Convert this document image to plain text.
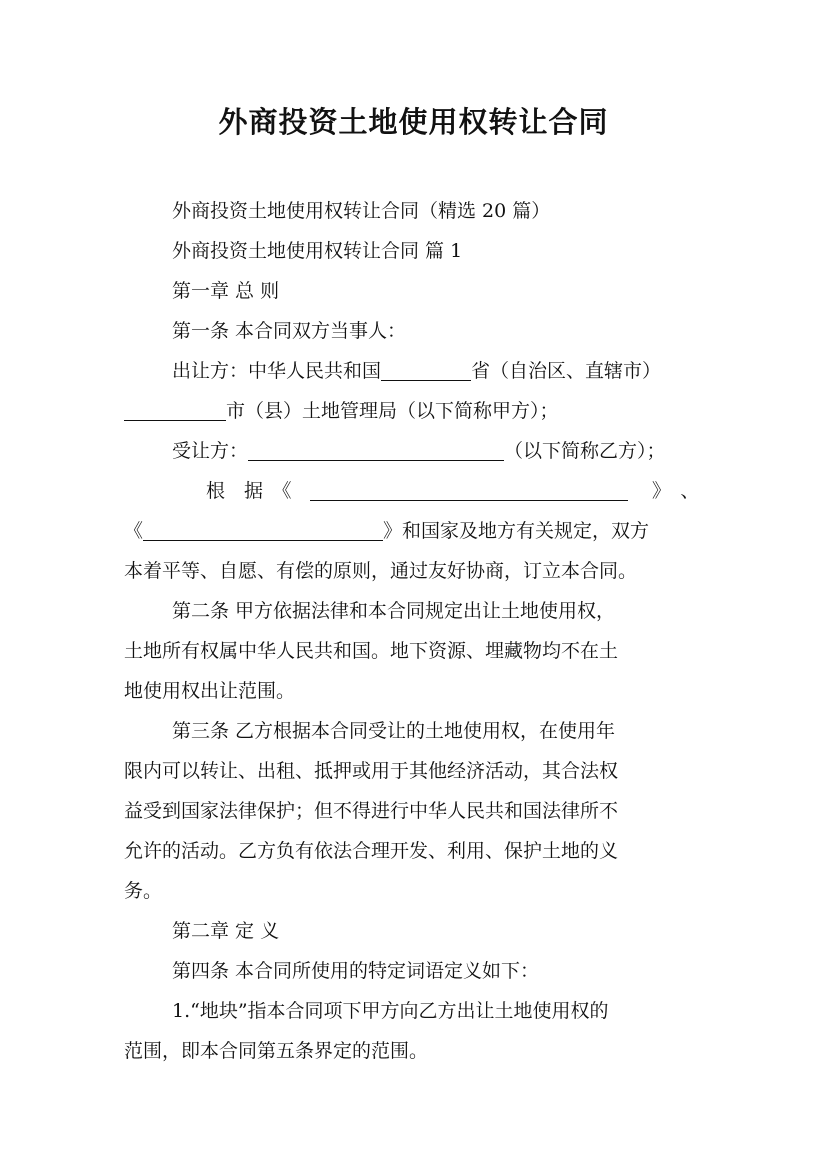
外商投资土地使用权转让合同

外商投资土地使用权转让合同（精选 20 篇）

外商投资土地使用权转让合同 篇 1

第一章 总 则

第一条 本合同双方当事人：

出让方：中华人民共和国	省（自治区、直辖市）

市（县）土地管理局（以下简称甲方）；

受让方：	（以下简称乙方）；

根　据　《	》　、

《	》和国家及地方有关规定，双方

本着平等、自愿、有偿的原则，通过友好协商，订立本合同。

第二条 甲方依据法律和本合同规定出让土地使用权，

土地所有权属中华人民共和国。地下资源、埋藏物均不在土

地使用权出让范围。

第三条 乙方根据本合同受让的土地使用权，在使用年

限内可以转让、出租、抵押或用于其他经济活动，其合法权

益受到国家法律保护；但不得进行中华人民共和国法律所不

允许的活动。乙方负有依法合理开发、利用、保护土地的义

务。

第二章 定 义

第四条 本合同所使用的特定词语定义如下：

1.“地块”指本合同项下甲方向乙方出让土地使用权的

范围，即本合同第五条界定的范围。
